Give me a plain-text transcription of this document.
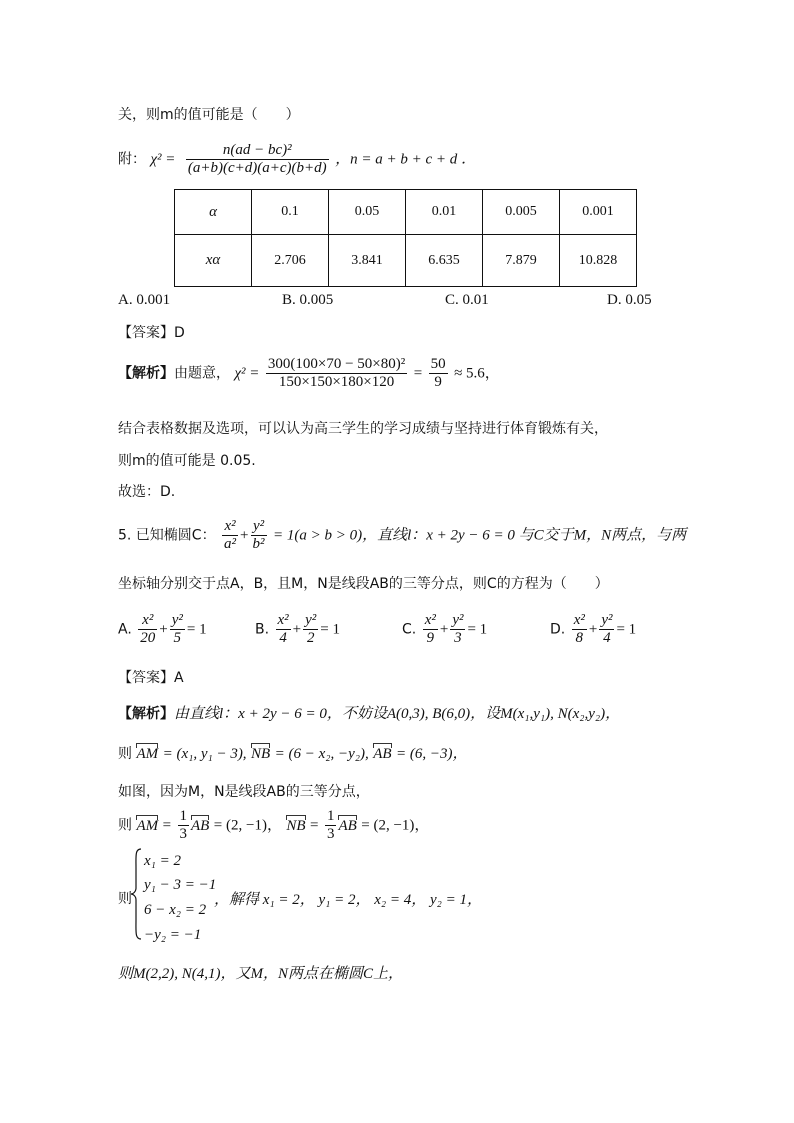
关，则m的值可能是（　　）
附： $\chi^2 = \frac{\text{n(ad − bc)²}}{(a+b)(c+d)(a+c)(b+d)}$ ，n = a + b + c + d ．
α	0.1	0.05	0.01	0.005	0.001
xα	2.706	3.841	6.635	7.879	10.828
A. 0.001	B. 0.005	C. 0.01	D. 0.05
【答案】D
【解析】由题意， $\chi^2 = \frac{\text{300(100×70 − 50×80)²}}{150\times 150\times 180\times 120} = \frac{50}{9} \approx 5.6$，
结合表格数据及选项，可以认为高三学生的学习成绩与坚持进行体育锻炼有关，
则m的值可能是 0.05.
故选：D.
5. 已知椭圆C： $\frac{\text{x²}}{\text{a²}} + \frac{\text{y²}}{\text{b²}} = 1(a > b > 0)$，直线l：x + 2y − 6 = 0 与C交于M，N两点，与两
坐标轴分别交于点A，B，且M，N是线段AB的三等分点，则C的方程为（　　）
A. $\frac{\text{x²}}{20} + \frac{\text{y²}}{5} = 1$	B. $\frac{\text{x²}}{4} + \frac{\text{y²}}{2} = 1$	C. $\frac{\text{x²}}{9} + \frac{\text{y²}}{3} = 1$	D. $\frac{\text{x²}}{8} + \frac{\text{y²}}{4} = 1$
【答案】A
【解析】由直线l：x + 2y − 6 = 0，不妨设A(0,3), B(6,0)，设M(x₁,y₁), N(x₂,y₂)，
则 AM = (x₁, y₁ − 3), NB = (6 − x₂, −y₂), AB = (6, −3)，
如图，因为M，N是线段AB的三等分点，
则 AM = $\frac{1}{3}$ AB = (2, −1)， NB = $\frac{1}{3}$ AB = (2, −1)，
则
x₁ = 2
y₁ − 3 = −1
6 − x₂ = 2
−y₂ = −1
，解得 x₁ = 2， y₁ = 2， x₂ = 4， y₂ = 1，
则M(2,2), N(4,1)，又M，N两点在椭圆C上，
